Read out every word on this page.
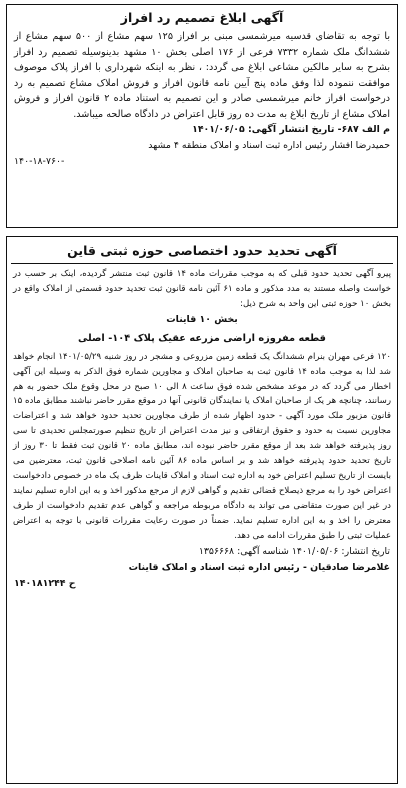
آگهی ابلاغ تصمیم رد افراز

با توجه به تقاضای قدسیه میرشمسی مبنی بر افراز ۱۲۵ سهم مشاع از ۵۰۰ سهم مشاع از ششدانگ ملک شماره ۷۳۳۲ فرعی از ۱۷۶ اصلی بخش ۱۰ مشهد بدینوسیله تصمیم رد افراز بشرح به سایر مالکین مشاعی ابلاغ می گردد: ، نظر به اینکه شهرداری با افراز پلاک موصوف موافقت ننموده لذا وفق ماده پنج آیین نامه قانون افراز و فروش املاک مشاع تصمیم به رد درخواست افراز خانم میرشمسی صادر و این تصمیم به استناد ماده ۲ قانون افراز و فروش املاک مشاع از تاریخ ابلاغ به مدت ده روز قابل اعتراض در دادگاه صالحه میباشد.

م الف ۶۸۷- تاریخ انتشار آگهی: ۱۴۰۱/۰۶/۰۵

حمیدرضا افشار رئیس اداره ثبت اسناد و املاک منطقه ۴ مشهد

۱۴۰-۱۸-۷۶۰-

آگهی تحدید حدود اختصاصی حوزه ثبتی قاین

پیرو آگهی تحدید حدود قبلی که به موجب مقررات ماده ۱۴ قانون ثبت منتشر گردیده، اینک بر حسب در خواست واصله مستند به مدد مذکور و ماده ۶۱ آئین نامه قانون ثبت تحدید حدود قسمتی از املاک واقع در بخش ۱۰ حوزه ثبتی این واحد به شرح ذیل:

بخش ۱۰ قاینات
قطعه مفروزه اراضی مزرعه عقیک پلاک ۱۰۴- اصلی

۱۲۰ فرعی مهران بنرام ششدانگ یک قطعه زمین مزروعی و مشجر در روز شنبه ۱۴۰۱/۰۵/۲۹ انجام خواهد شد لذا به موجب ماده ۱۴ قانون ثبت به صاحبان املاک و مجاورین شماره فوق الذکر به وسیله این آگهی اخطار می گردد که در موعد مشخص شده فوق ساعت ۸ الی ۱۰ صبح در محل وقوع ملک حضور به هم رسانند، چنانچه هر یک از صاحبان املاک یا نمایندگان قانونی آنها در موقع مقرر حاضر نباشند مطابق ماده ۱۵ قانون مزبور ملک مورد آگهی - حدود اظهار شده از طرف مجاورین تحدید حدود خواهد شد و اعتراضات مجاورین نسبت به حدود و حقوق ارتفاقی و نیز مدت اعتراض از تاریخ تنظیم صورتمجلس تحدیدی تا سی روز پذیرفته خواهد شد بعد از موقع مقرر حاضر نبوده اند، مطابق ماده ۲۰ قانون ثبت فقط تا ۳۰ روز از تاریخ تحدید حدود پذیرفته خواهد شد و بر اساس ماده ۸۶ آئین نامه اصلاحی قانون ثبت، معترضین می بایست از تاریخ تسلیم اعتراض خود به اداره ثبت اسناد و املاک قاینات ظرف یک ماه در خصوص دادخواست اعتراض خود را به مرجع ذیصلاح قضائی تقدیم و گواهی لازم از مرجع مذکور اخذ و به این اداره تسلیم نمایند در غیر این صورت متقاضی می تواند به دادگاه مربوطه مراجعه و گواهی عدم تقدیم دادخواست از طرف معترض را اخذ و به این اداره تسلیم نماید. ضمناً در صورت رعایت مقررات قانونی با توجه به اعتراض عملیات ثبتی را طبق مقررات ادامه می دهد.

تاریخ انتشار: ۱۴۰۱/۰۵/۰۶ شناسه آگهی: ۱۳۵۶۶۶۸

غلامرضا صادقیان - رئیس اداره ثبت اسناد و املاک قاینات

۱۴۰۱۸۱۲۴۴ ح
